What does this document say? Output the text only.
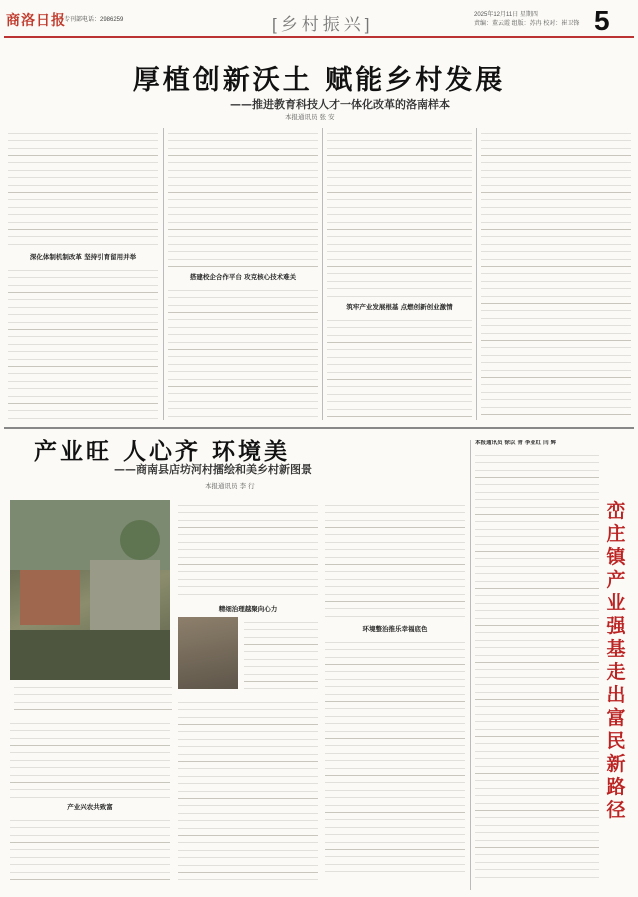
商洛日报
专刊部电话：2986259	[乡村振兴]	2025年12月11日 星期四
责编：董云霞 组版：苏冉 校对：崔卫锋 5
厚植创新沃土 赋能乡村发展
——推进教育科技人才一体化改革的洛南样本
本报通讯员 张 安
深化体制机制改革 坚持引育留用并举
搭建校企合作平台 攻克核心技术难关
筑牢产业发展根基 点燃创新创业激情
产业旺 人心齐 环境美
——商南县店坊河村擂绘和美乡村新图景
本报通讯员 李 行
产业兴农共致富
精细治理越聚向心力
环境整治推乐幸福底色
本报通讯员 徐以 青 李亚红 闫 辉
峦庄镇产业强基走出富民新路径
